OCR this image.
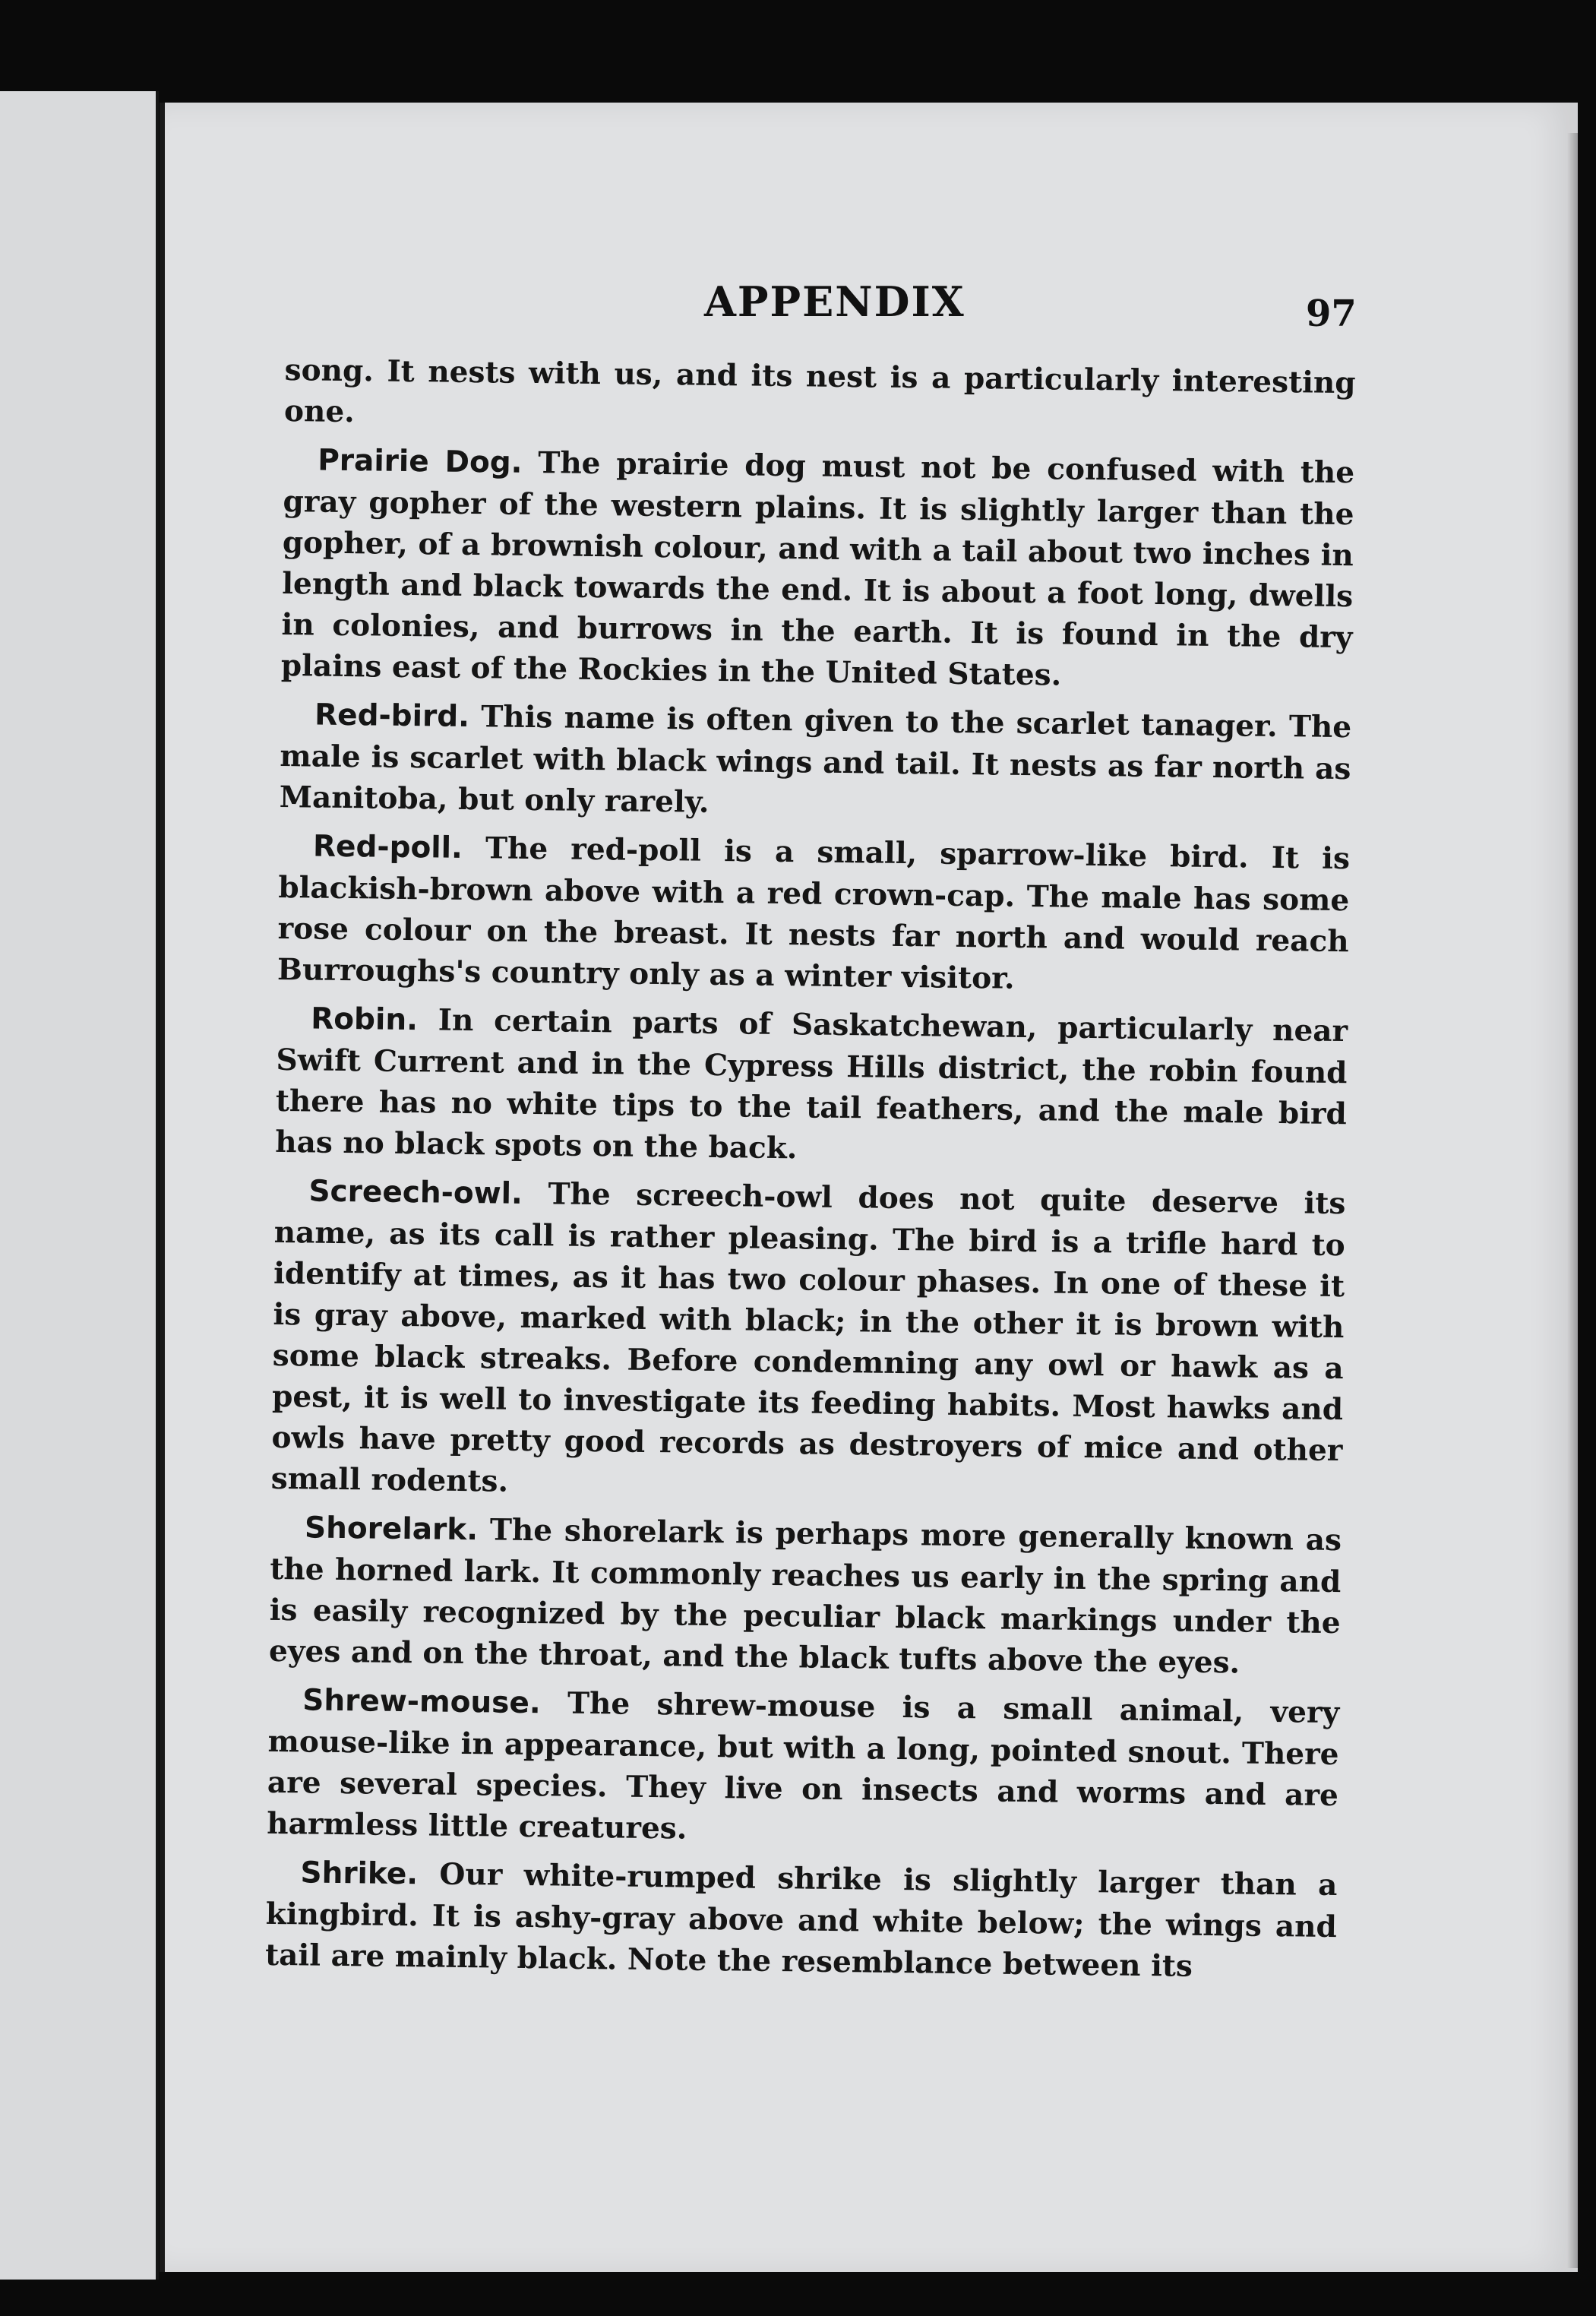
APPENDIX	97

song. It nests with us, and its nest is a particularly interesting one.

Prairie Dog. The prairie dog must not be confused with the gray gopher of the western plains. It is slightly larger than the gopher, of a brownish colour, and with a tail about two inches in length and black towards the end. It is about a foot long, dwells in colonies, and burrows in the earth. It is found in the dry plains east of the Rockies in the United States.

Red-bird. This name is often given to the scarlet tanager. The male is scarlet with black wings and tail. It nests as far north as Manitoba, but only rarely.

Red-poll. The red-poll is a small, sparrow-like bird. It is blackish-brown above with a red crown-cap. The male has some rose colour on the breast. It nests far north and would reach Burroughs's country only as a winter visitor.

Robin. In certain parts of Saskatchewan, particularly near Swift Current and in the Cypress Hills district, the robin found there has no white tips to the tail feathers, and the male bird has no black spots on the back.

Screech-owl. The screech-owl does not quite deserve its name, as its call is rather pleasing. The bird is a trifle hard to identify at times, as it has two colour phases. In one of these it is gray above, marked with black; in the other it is brown with some black streaks. Before condemning any owl or hawk as a pest, it is well to investigate its feeding habits. Most hawks and owls have pretty good records as destroyers of mice and other small rodents.

Shorelark. The shorelark is perhaps more generally known as the horned lark. It commonly reaches us early in the spring and is easily recognized by the peculiar black markings under the eyes and on the throat, and the black tufts above the eyes.

Shrew-mouse. The shrew-mouse is a small animal, very mouse-like in appearance, but with a long, pointed snout. There are several species. They live on insects and worms and are harmless little creatures.

Shrike. Our white-rumped shrike is slightly larger than a kingbird. It is ashy-gray above and white below; the wings and tail are mainly black. Note the resemblance between its
